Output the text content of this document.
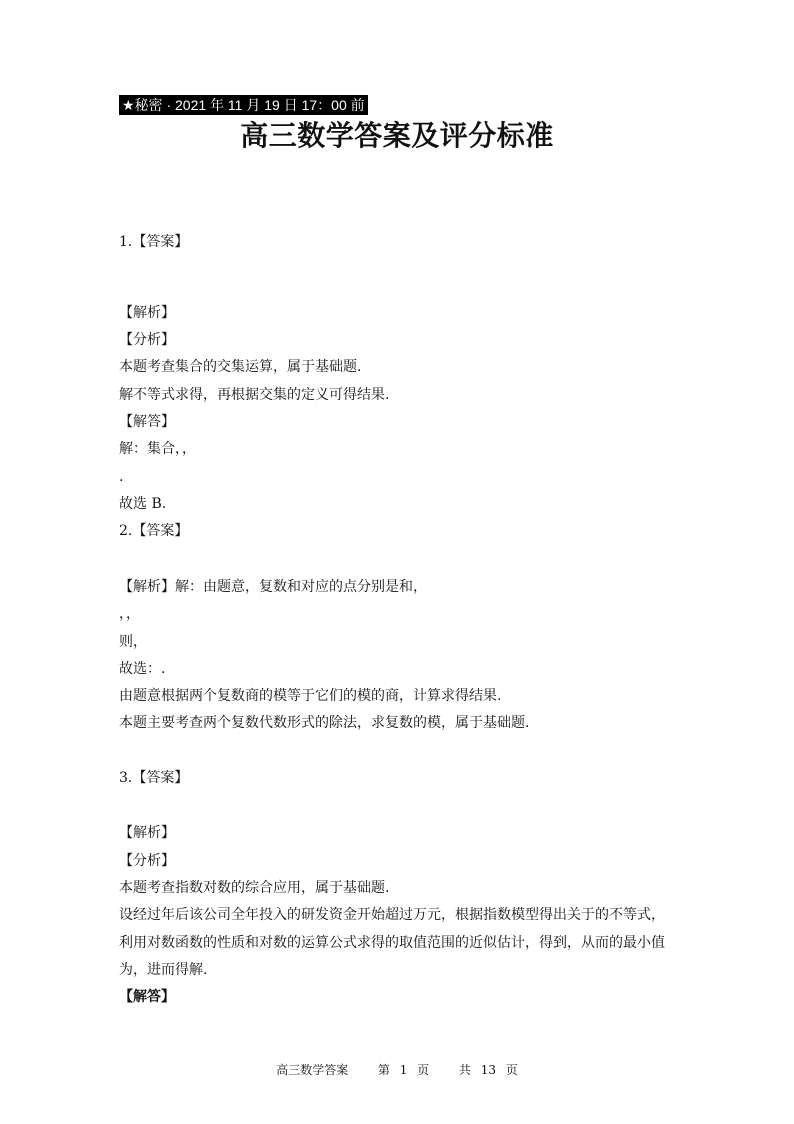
★秘密 · 2021 年 11 月 19 日 17：00 前
高三数学答案及评分标准
1.【答案】
【解析】
【分析】
本题考查集合的交集运算，属于基础题.
解不等式求得，再根据交集的定义可得结果.
【解答】
解：集合，，
.
故选 B.
2.【答案】
【解析】解：由题意，复数和对应的点分别是和，
，，
则，
故选：.
由题意根据两个复数商的模等于它们的模的商，计算求得结果.
本题主要考查两个复数代数形式的除法，求复数的模，属于基础题.
3.【答案】
【解析】
【分析】
本题考查指数对数的综合应用，属于基础题.
设经过年后该公司全年投入的研发资金开始超过万元，根据指数模型得出关于的不等式，
利用对数函数的性质和对数的运算公式求得的取值范围的近似估计，得到，从而的最小值
为，进而得解.
【解答】
高三数学答案 第 1 页 共 13 页
